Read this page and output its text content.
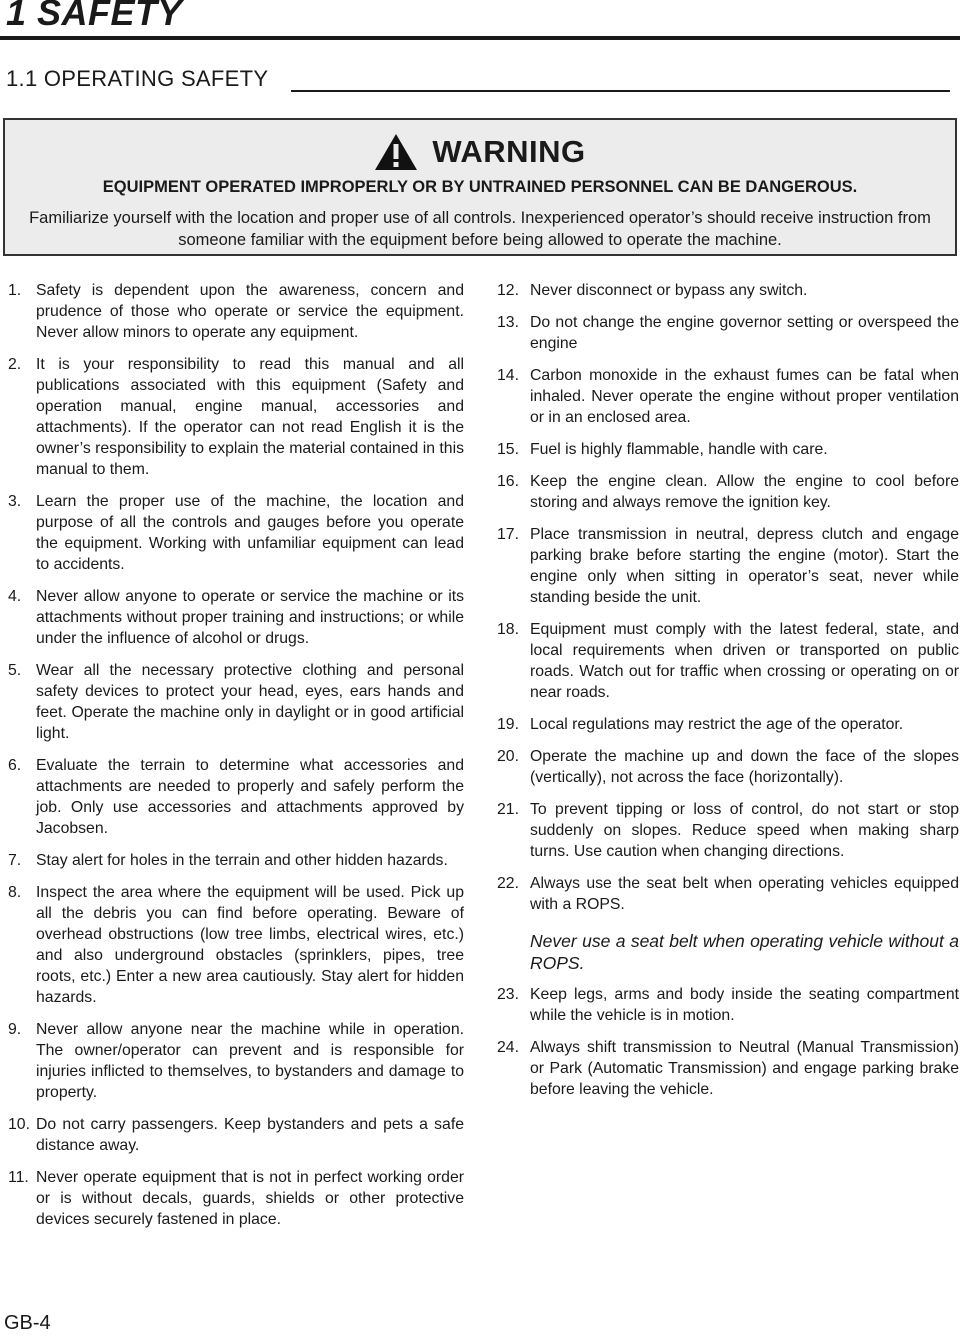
1 SAFETY
1.1 OPERATING SAFETY
WARNING
EQUIPMENT OPERATED IMPROPERLY OR BY UNTRAINED PERSONNEL CAN BE DANGEROUS.
Familiarize yourself with the location and proper use of all controls. Inexperienced operator’s should receive instruction from someone familiar with the equipment before being allowed to operate the machine.
1. Safety is dependent upon the awareness, concern and prudence of those who operate or service the equipment. Never allow minors to operate any equipment.
2. It is your responsibility to read this manual and all publications associated with this equipment (Safety and operation manual, engine manual, accessories and attachments). If the operator can not read English it is the owner’s responsibility to explain the material contained in this manual to them.
3. Learn the proper use of the machine, the location and purpose of all the controls and gauges before you operate the equipment. Working with unfamiliar equipment can lead to accidents.
4. Never allow anyone to operate or service the machine or its attachments without proper training and instructions; or while under the influence of alcohol or drugs.
5. Wear all the necessary protective clothing and personal safety devices to protect your head, eyes, ears hands and feet. Operate the machine only in daylight or in good artificial light.
6. Evaluate the terrain to determine what accessories and attachments are needed to properly and safely perform the job. Only use accessories and attachments approved by Jacobsen.
7. Stay alert for holes in the terrain and other hidden hazards.
8. Inspect the area where the equipment will be used. Pick up all the debris you can find before operating. Beware of overhead obstructions (low tree limbs, electrical wires, etc.) and also underground obstacles (sprinklers, pipes, tree roots, etc.) Enter a new area cautiously. Stay alert for hidden hazards.
9. Never allow anyone near the machine while in operation. The owner/operator can prevent and is responsible for injuries inflicted to themselves, to bystanders and damage to property.
10. Do not carry passengers. Keep bystanders and pets a safe distance away.
11. Never operate equipment that is not in perfect working order or is without decals, guards, shields or other protective devices securely fastened in place.
12. Never disconnect or bypass any switch.
13. Do not change the engine governor setting or overspeed the engine
14. Carbon monoxide in the exhaust fumes can be fatal when inhaled. Never operate the engine without proper ventilation or in an enclosed area.
15. Fuel is highly flammable, handle with care.
16. Keep the engine clean. Allow the engine to cool before storing and always remove the ignition key.
17. Place transmission in neutral, depress clutch and engage parking brake before starting the engine (motor). Start the engine only when sitting in operator’s seat, never while standing beside the unit.
18. Equipment must comply with the latest federal, state, and local requirements when driven or transported on public roads. Watch out for traffic when crossing or operating on or near roads.
19. Local regulations may restrict the age of the operator.
20. Operate the machine up and down the face of the slopes (vertically), not across the face (horizontally).
21. To prevent tipping or loss of control, do not start or stop suddenly on slopes. Reduce speed when making sharp turns. Use caution when changing directions.
22. Always use the seat belt when operating vehicles equipped with a ROPS.
Never use a seat belt when operating vehicle without a ROPS.
23. Keep legs, arms and body inside the seating compartment while the vehicle is in motion.
24. Always shift transmission to Neutral (Manual Transmission) or Park (Automatic Transmission) and engage parking brake before leaving the vehicle.
GB-4
